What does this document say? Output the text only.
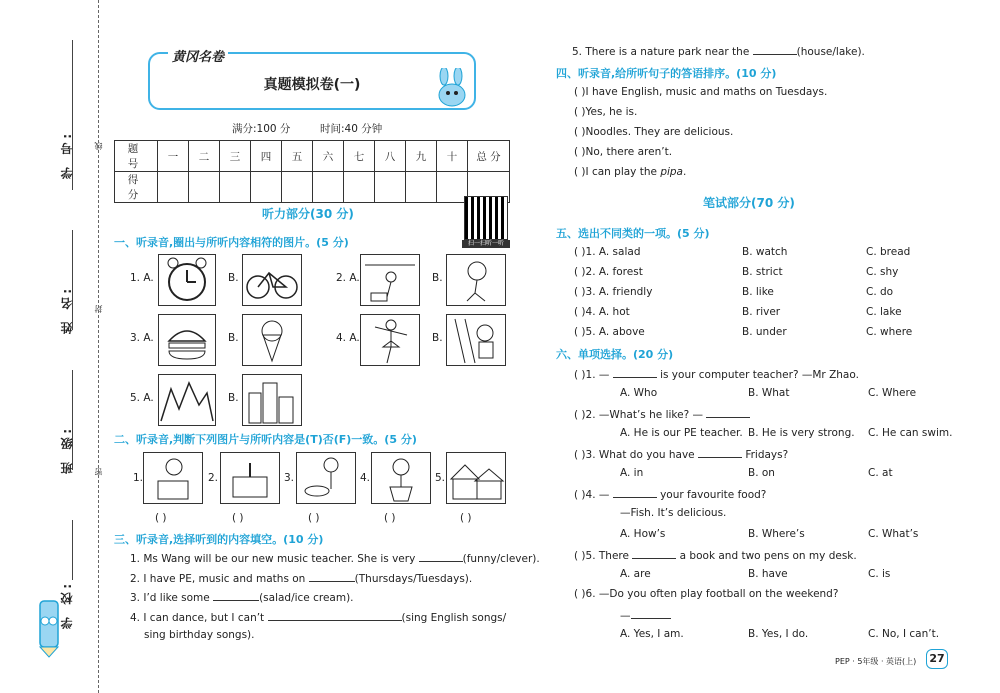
学 号:
姓 名:
班 级:
学 校:
线
封
密
真题模拟卷(一)
黄冈名卷
满分:100 分	时间:40 分钟
题 号	一	二	三	四	五	六	七	八	九	十	总 分
得 分											
听力部分(30 分)
扫一扫听一听
一、听录音,圈出与所听内容相符的图片。(5 分)
1. A.	B.	2. A.	B.
3. A.	B.	4. A.	B.
5. A.	B.
二、听录音,判断下列图片与所听内容是(T)否(F)一致。(5 分)
1.	2.	3.	4.	5.
( )	( )	( )	( )	( )
三、听录音,选择听到的内容填空。(10 分)
1. Ms Wang will be our new music teacher. She is very	(funny/clever).
2. I have PE, music and maths on	(Thursdays/Tuesdays).
3. I’d like some	(salad/ice cream).
4. I can dance, but I can’t	(sing English songs/
sing birthday songs).
5. There is a nature park near the	(house/lake).
四、听录音,给所听句子的答语排序。(10 分)
( )I have English, music and maths on Tuesdays.
( )Yes, he is.
( )Noodles. They are delicious.
( )No, there aren’t.
( )I can play the pipa.
笔试部分(70 分)
五、选出不同类的一项。(5 分)
( )1. A. salad	B. watch	C. bread
( )2. A. forest	B. strict	C. shy
( )3. A. friendly	B. like	C. do
( )4. A. hot	B. river	C. lake
( )5. A. above	B. under	C. where
六、单项选择。(20 分)
( )1. —	is your computer teacher? —Mr Zhao.
A. Who	B. What	C. Where
( )2. —What’s he like? —
A. He is our PE teacher. B. He is very strong. C. He can swim.
( )3. What do you have	Fridays?
A. in	B. on	C. at
( )4. —	your favourite food?
—Fish. It’s delicious.
A. How’s	B. Where’s	C. What’s
( )5. There	a book and two pens on my desk.
A. are	B. have	C. is
( )6. —Do you often play football on the weekend?
—
A. Yes, I am.	B. Yes, I do.	C. No, I can’t.
PEP · 5年级 · 英语(上)	27
